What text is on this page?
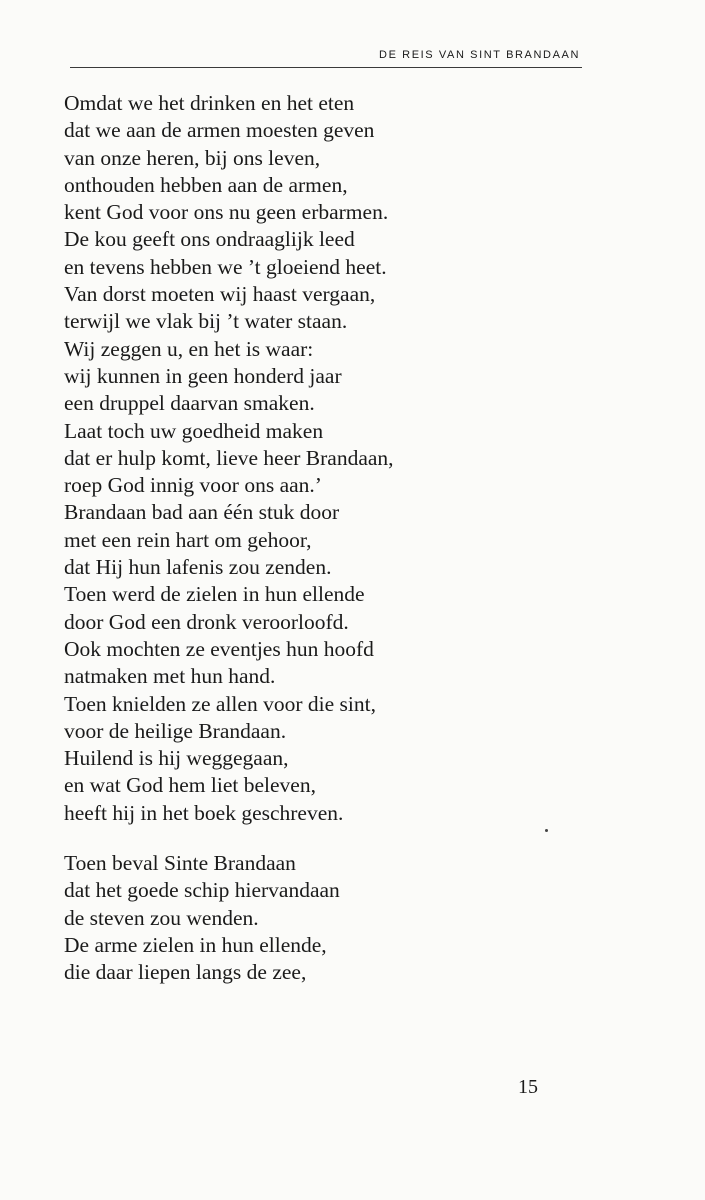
DE REIS VAN SINT BRANDAAN
Omdat we het drinken en het eten
dat we aan de armen moesten geven
van onze heren, bij ons leven,
onthouden hebben aan de armen,
kent God voor ons nu geen erbarmen.
De kou geeft ons ondraaglijk leed
en tevens hebben we ’t gloeiend heet.
Van dorst moeten wij haast vergaan,
terwijl we vlak bij ’t water staan.
Wij zeggen u, en het is waar:
wij kunnen in geen honderd jaar
een druppel daarvan smaken.
Laat toch uw goedheid maken
dat er hulp komt, lieve heer Brandaan,
roep God innig voor ons aan.’
Brandaan bad aan één stuk door
met een rein hart om gehoor,
dat Hij hun lafenis zou zenden.
Toen werd de zielen in hun ellende
door God een dronk veroorloofd.
Ook mochten ze eventjes hun hoofd
natmaken met hun hand.
Toen knielden ze allen voor die sint,
voor de heilige Brandaan.
Huilend is hij weggegaan,
en wat God hem liet beleven,
heeft hij in het boek geschreven.
Toen beval Sinte Brandaan
dat het goede schip hiervandaan
de steven zou wenden.
De arme zielen in hun ellende,
die daar liepen langs de zee,
15
